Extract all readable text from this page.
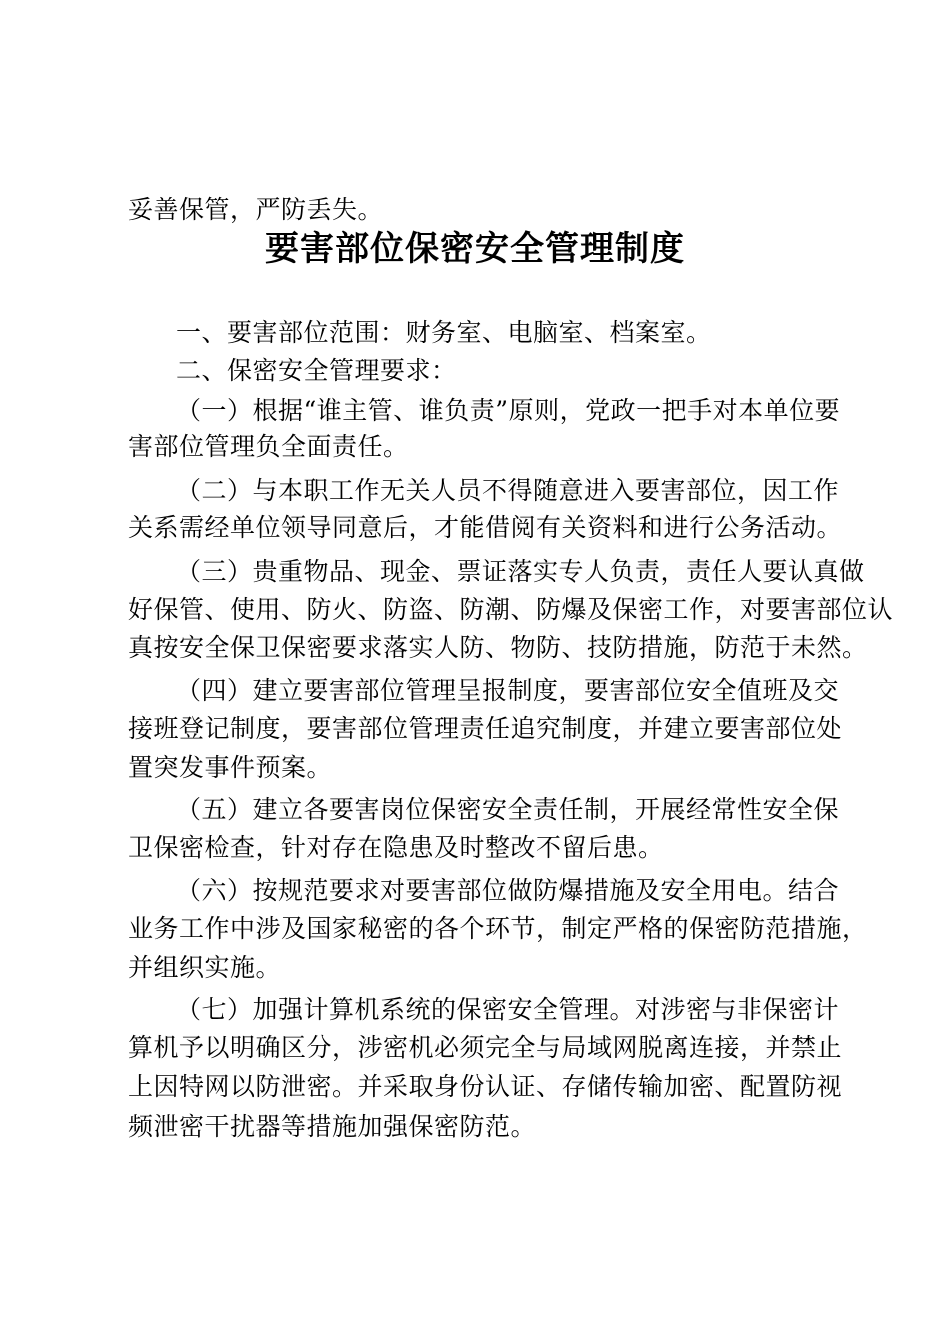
妥善保管，严防丢失。
要害部位保密安全管理制度
一、要害部位范围：财务室、电脑室、档案室。
二、保密安全管理要求：
（一）根据“谁主管、谁负责”原则，党政一把手对本单位要
害部位管理负全面责任。
（二）与本职工作无关人员不得随意进入要害部位，因工作
关系需经单位领导同意后，才能借阅有关资料和进行公务活动。
（三）贵重物品、现金、票证落实专人负责，责任人要认真做
好保管、使用、防火、防盗、防潮、防爆及保密工作，对要害部位认
真按安全保卫保密要求落实人防、物防、技防措施，防范于未然。
（四）建立要害部位管理呈报制度，要害部位安全值班及交
接班登记制度，要害部位管理责任追究制度，并建立要害部位处
置突发事件预案。
（五）建立各要害岗位保密安全责任制，开展经常性安全保
卫保密检查，针对存在隐患及时整改不留后患。
（六）按规范要求对要害部位做防爆措施及安全用电。结合
业务工作中涉及国家秘密的各个环节，制定严格的保密防范措施，
并组织实施。
（七）加强计算机系统的保密安全管理。对涉密与非保密计
算机予以明确区分，涉密机必须完全与局域网脱离连接，并禁止
上因特网以防泄密。并采取身份认证、存储传输加密、配置防视
频泄密干扰器等措施加强保密防范。
